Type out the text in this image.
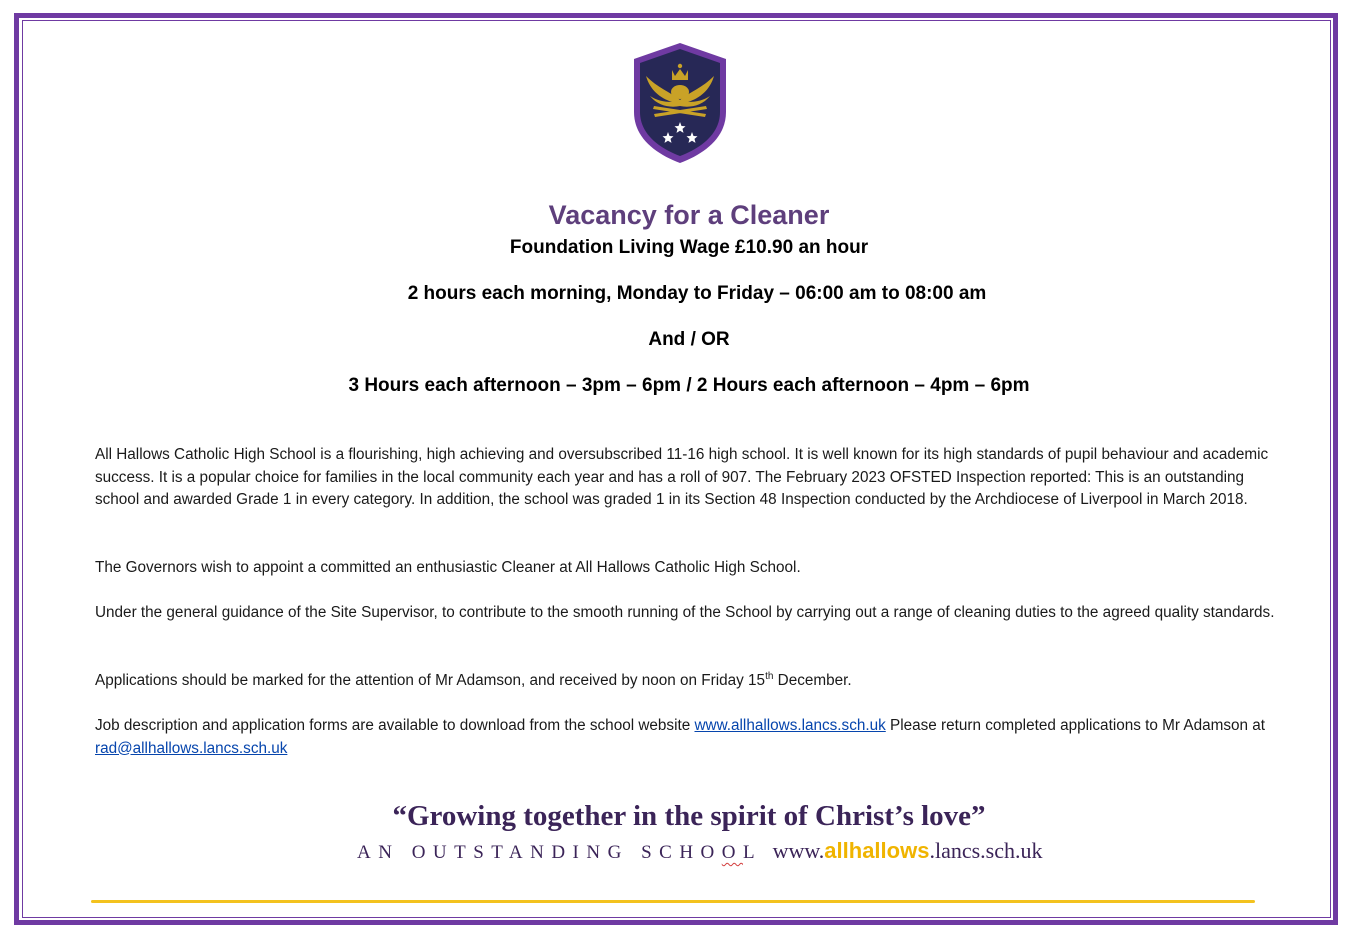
Vacancy for a Cleaner
Foundation Living Wage £10.90 an hour
2 hours each morning, Monday to Friday – 06:00 am to 08:00 am
And / OR
3 Hours each afternoon – 3pm – 6pm / 2 Hours each afternoon – 4pm – 6pm

All Hallows Catholic High School is a flourishing, high achieving and oversubscribed 11-16 high school. It is well known for its high standards of pupil behaviour and academic success. It is a popular choice for families in the local community each year and has a roll of 907. The February 2023 OFSTED Inspection reported: This is an outstanding school and awarded Grade 1 in every category. In addition, the school was graded 1 in its Section 48 Inspection conducted by the Archdiocese of Liverpool in March 2018.

The Governors wish to appoint a committed an enthusiastic Cleaner at All Hallows Catholic High School.

Under the general guidance of the Site Supervisor, to contribute to the smooth running of the School by carrying out a range of cleaning duties to the agreed quality standards.

Applications should be marked for the attention of Mr Adamson, and received by noon on Friday 15th December.

Job description and application forms are available to download from the school website www.allhallows.lancs.sch.uk Please return completed applications to Mr Adamson at rad@allhallows.lancs.sch.uk

“Growing together in the spirit of Christ’s love”
AN OUTSTANDING SCHOOL www.allhallows.lancs.sch.uk
